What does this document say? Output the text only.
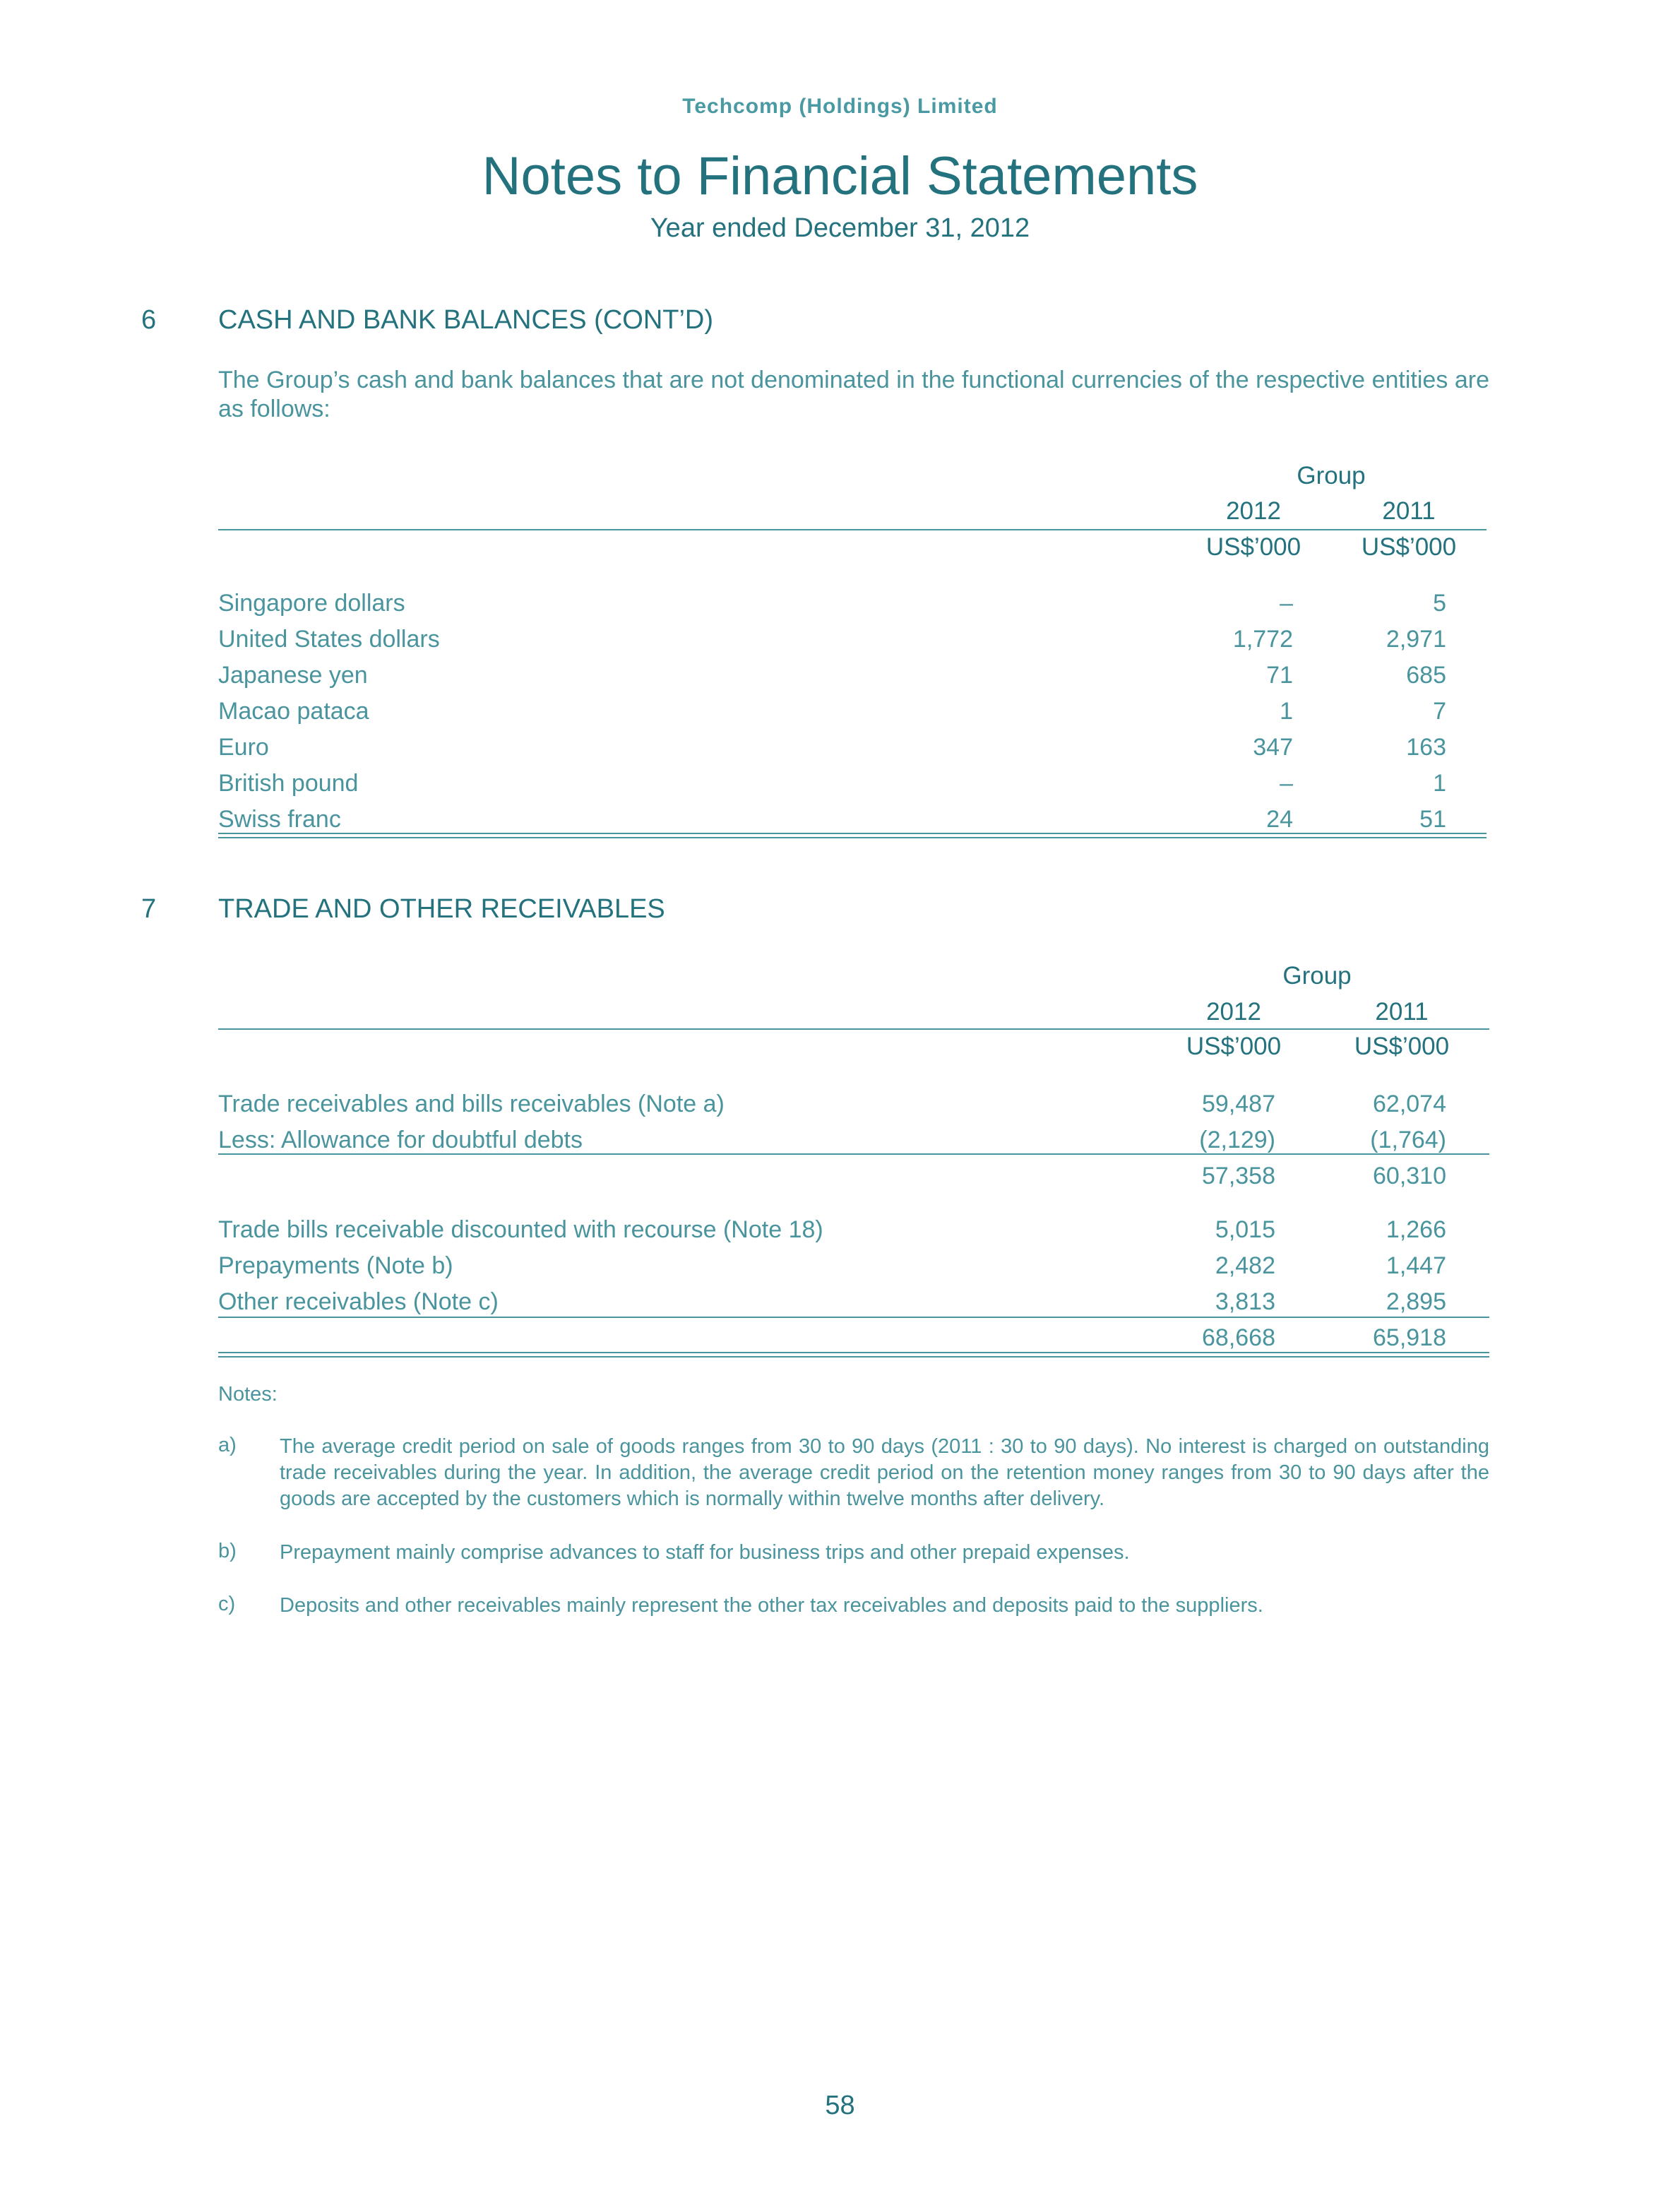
Techcomp (Holdings) Limited
Notes to Financial Statements
Year ended December 31, 2012
6 CASH AND BANK BALANCES (CONT’D)
The Group’s cash and bank balances that are not denominated in the functional currencies of the respective entities are as follows:
Group
2012	2011
US$’000	US$’000
Singapore dollars	–	5
United States dollars	1,772	2,971
Japanese yen	71	685
Macao pataca	1	7
Euro	347	163
British pound	–	1
Swiss franc	24	51
7 TRADE AND OTHER RECEIVABLES
Group
2012	2011
US$’000	US$’000
Trade receivables and bills receivables (Note a)	59,487	62,074
Less: Allowance for doubtful debts	(2,129)	(1,764)
57,358	60,310
Trade bills receivable discounted with recourse (Note 18)	5,015	1,266
Prepayments (Note b)	2,482	1,447
Other receivables (Note c)	3,813	2,895
68,668	65,918
Notes:
a) The average credit period on sale of goods ranges from 30 to 90 days (2011 : 30 to 90 days). No interest is charged on outstanding trade receivables during the year. In addition, the average credit period on the retention money ranges from 30 to 90 days after the goods are accepted by the customers which is normally within twelve months after delivery.
b) Prepayment mainly comprise advances to staff for business trips and other prepaid expenses.
c) Deposits and other receivables mainly represent the other tax receivables and deposits paid to the suppliers.
58
